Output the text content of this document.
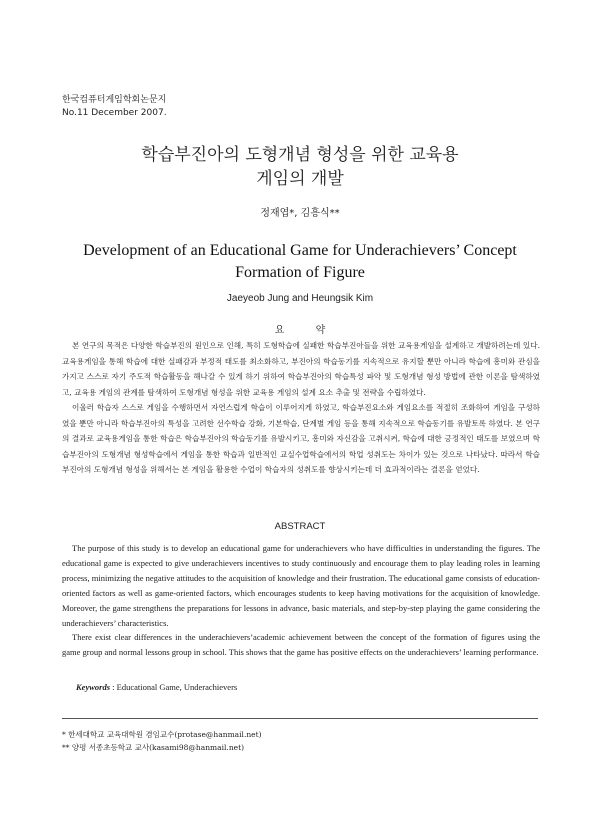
한국컴퓨터게임학회논문지
No.11 December 2007.
학습부진아의 도형개념 형성을 위한 교육용
게임의 개발
정재엽*, 김흥식**
Development of an Educational Game for Underachievers’ Concept
Formation of Figure
Jaeyeob Jung and Heungsik Kim
요 약

본 연구의 목적은 다양한 학습부진의 원인으로 인해, 특히 도형학습에 실패한 학습부진아들을 위한 교육용게임을 설계하고 개발하려는데 있다. 교육용게임을 통해 학습에 대한 실패감과 부정적 태도를 최소화하고, 부진아의 학습동기를 지속적으로 유지할 뿐만 아니라 학습에 흥미와 관심을 가지고 스스로 자기 주도적 학습활동을 해나갈 수 있게 하기 위하여 학습부진아의 학습특성 파악 및 도형개념 형성 방법에 관한 이론을 탐색하였고, 교육용 게임의 관계를 탐색하여 도형개념 형성을 위한 교육용 게임의 설계 요소 추출 및 전략을 수립하였다.

이울러 학습자 스스로 게임을 수행하면서 자연스럽게 학습이 이루어지게 하였고, 학습부진요소와 게임요소를 적절히 조화하여 게임을 구성하였을 뿐만 아니라 학습부진아의 특성을 고려한 선수학습 강화, 기본학습, 단계별 게임 등을 통해 지속적으로 학습동기를 유발토록 하였다. 본 연구의 결과로 교육용게임을 통한 학습은 학습부진아의 학습동기를 유발시키고, 흥미와 자신감을 고취시켜, 학습에 대한 긍정적인 태도를 보였으며 학습부진아의 도형개념 형성학습에서 게임을 통한 학습과 일반적인 교실수업학습에서의 학업 성취도는 차이가 있는 것으로 나타났다. 따라서 학습부진아의 도형개념 형성을 위해서는 본 게임을 활용한 수업이 학습자의 성취도를 향상시키는데 더 효과적이라는 결론을 얻었다.

ABSTRACT

The purpose of this study is to develop an educational game for underachievers who have difficulties in understanding the figures. The educational game is expected to give underachievers incentives to study continuously and encourage them to play leading roles in learning process, minimizing the negative attitudes to the acquisition of knowledge and their frustration. The educational game consists of education-oriented factors as well as game-oriented factors, which encourages students to keep having motivations for the acquisition of knowledge. Moreover, the game strengthens the preparations for lessons in advance, basic materials, and step-by-step playing the game considering the underachievers’ characteristics.

There exist clear differences in the underachievers’academic achievement between the concept of the formation of figures using the game group and normal lessons group in school. This shows that the game has positive effects on the underachievers’ learning performance.

Keywords : Educational Game, Underachievers
* 한세대학교 교육대학원 겸임교수(protase@hanmail.net)
** 양평 서종초등학교 교사(kasami98@hanmail.net)
